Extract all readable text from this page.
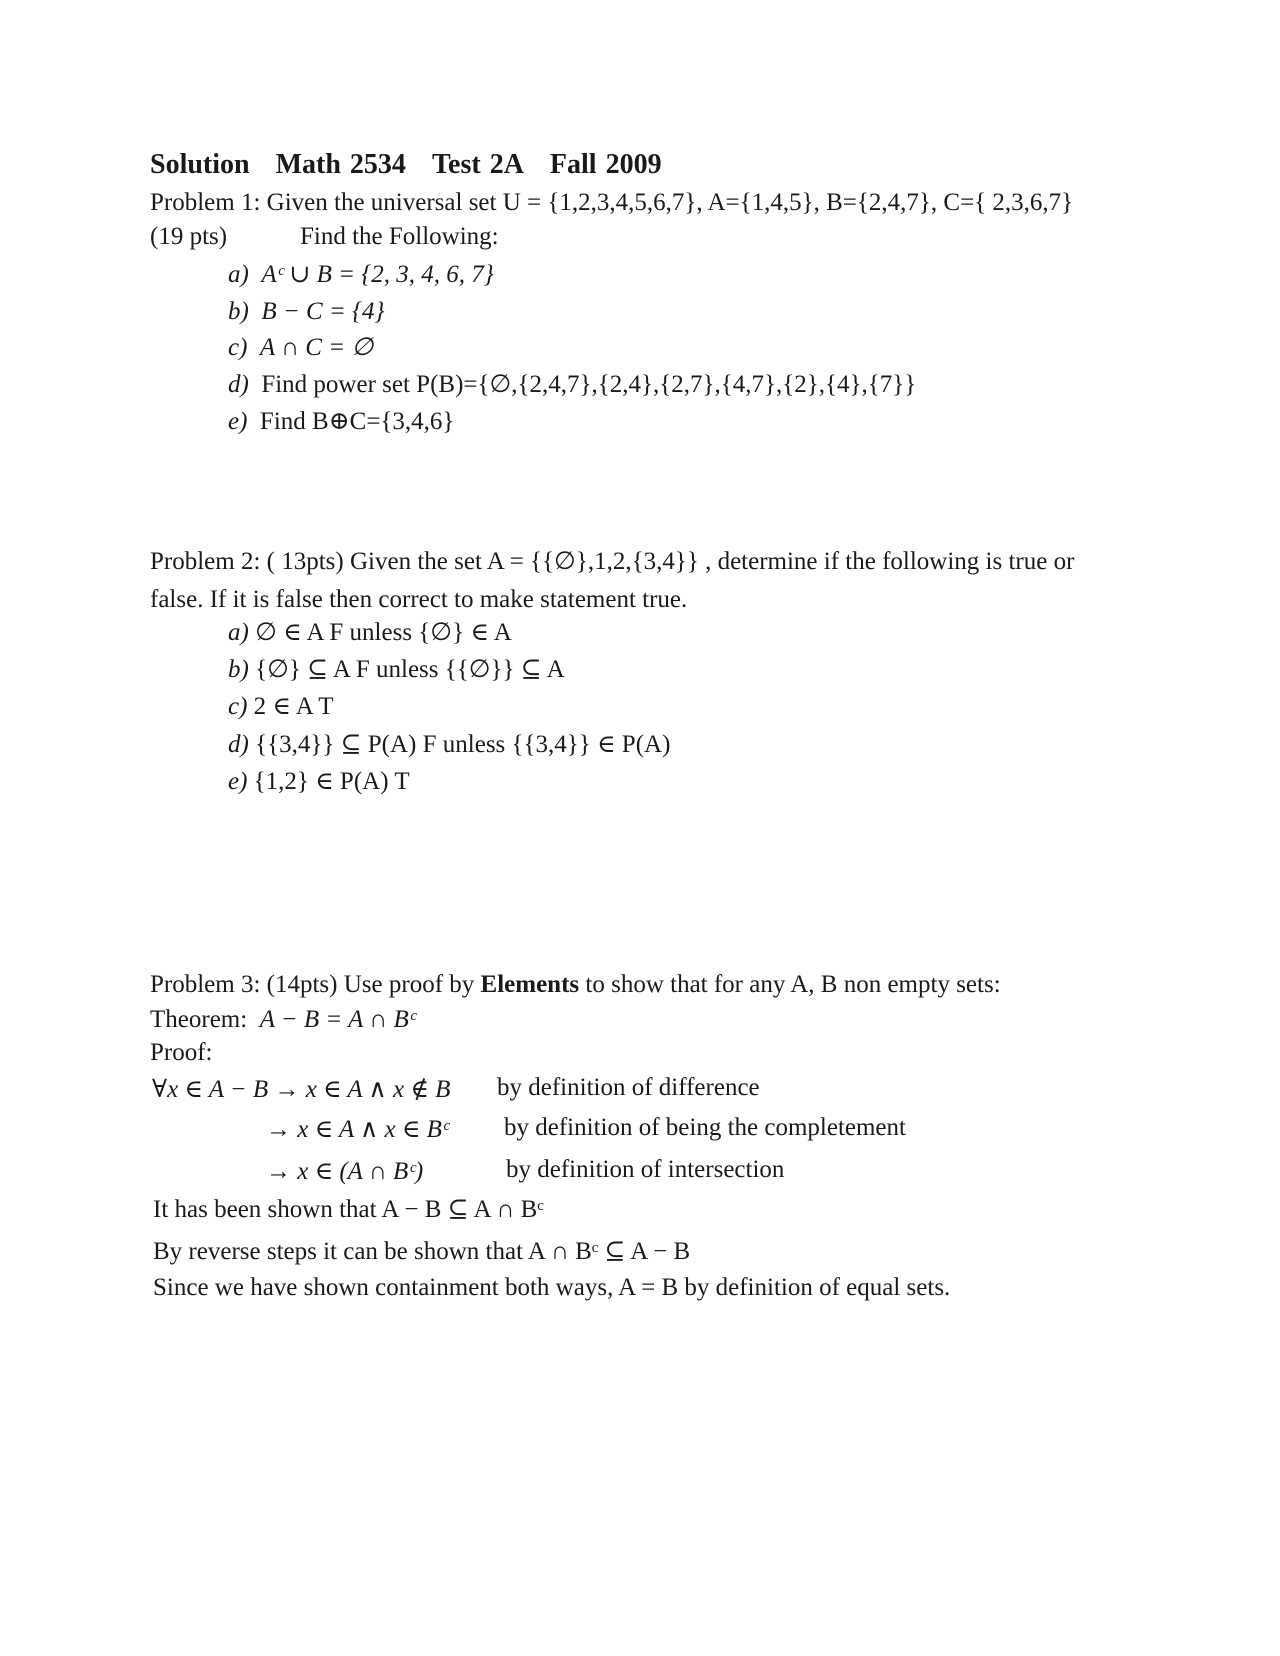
Solution Math 2534 Test 2A Fall 2009
Problem 1: Given the universal set U = {1,2,3,4,5,6,7}, A={1,4,5}, B={2,4,7}, C={ 2,3,6,7}
(19 pts)	Find the Following:
a) Aᶜ ∪ B = {2, 3, 4, 6, 7}
b) B − C = {4}
c) A ∩ C = ∅
d) Find power set P(B)={∅,{2,4,7},{2,4},{2,7},{4,7},{2},{4},{7}}
e) Find B⊕C={3,4,6}
Problem 2: ( 13pts) Given the set A = {{∅},1,2,{3,4}} , determine if the following is true or
false. If it is false then correct to make statement true.
a) ∅ ∈ A F unless {∅} ∈ A
b) {∅} ⊆ A F unless {{∅}} ⊆ A
c) 2 ∈ A T
d) {{3,4}} ⊆ P(A) F unless {{3,4}} ∈ P(A)
e) {1,2} ∈ P(A) T
Problem 3: (14pts) Use proof by Elements to show that for any A, B non empty sets:
Theorem: A − B = A ∩ Bᶜ
Proof:
∀x ∈ A − B → x ∈ A ∧ x ∉ B by definition of difference
→ x ∈ A ∧ x ∈ Bᶜ by definition of being the completement
→ x ∈ (A ∩ Bᶜ)	by definition of intersection
It has been shown that A − B ⊆ A ∩ Bᶜ
By reverse steps it can be shown that A ∩ Bᶜ ⊆ A − B
Since we have shown containment both ways, A = B by definition of equal sets.
